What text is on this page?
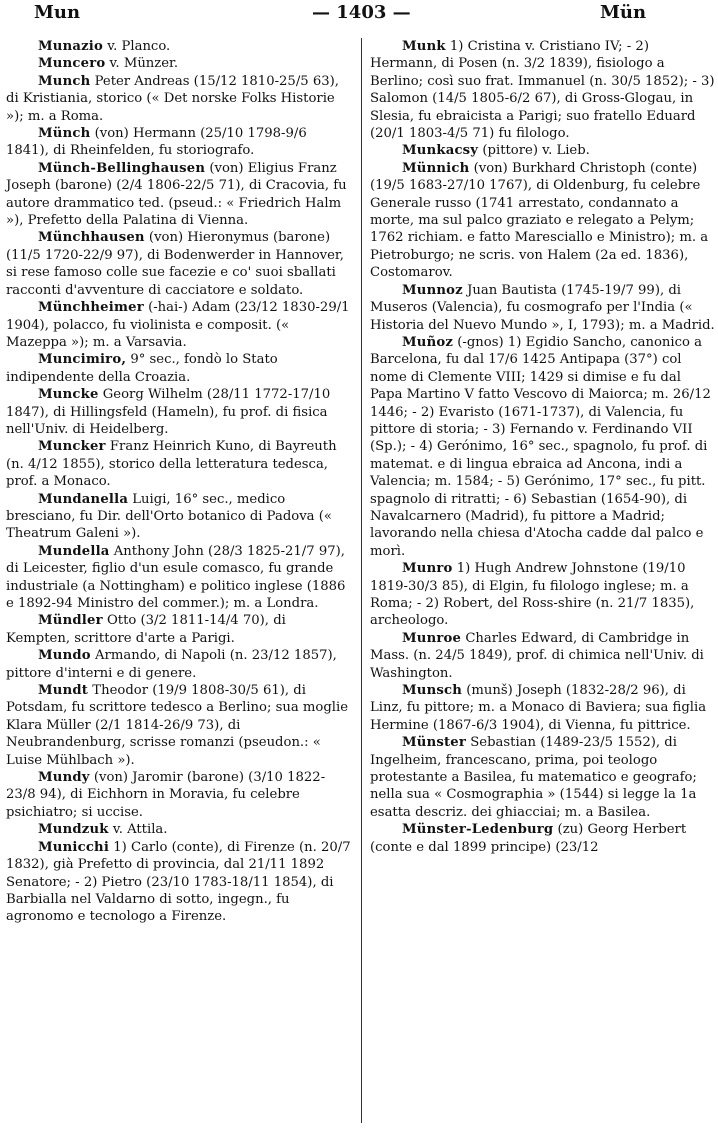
Mun	— 1403 —	Mün

Munazio v. Planco.

Muncero v. Münzer.

Munch Peter Andreas (15/12 1810-25/5 63), di Kristiania, storico (« Det norske Folks Historie »); m. a Roma.

Münch (von) Hermann (25/10 1798-9/6 1841), di Rheinfelden, fu storiografo.

Münch-Bellinghausen (von) Eligius Franz Joseph (barone) (2/4 1806-22/5 71), di Cracovia, fu autore drammatico ted. (pseud.: « Friedrich Halm »), Prefetto della Palatina di Vienna.

Münchhausen (von) Hieronymus (barone) (11/5 1720-22/9 97), di Bodenwerder in Hannover, si rese famoso colle sue facezie e co' suoi sballati racconti d'avventure di cacciatore e soldato.

Münchheimer (-hai-) Adam (23/12 1830-29/1 1904), polacco, fu violinista e composit. (« Mazeppa »); m. a Varsavia.

Muncimiro, 9° sec., fondò lo Stato indipendente della Croazia.

Muncke Georg Wilhelm (28/11 1772-17/10 1847), di Hillingsfeld (Hameln), fu prof. di fisica nell'Univ. di Heidelberg.

Muncker Franz Heinrich Kuno, di Bayreuth (n. 4/12 1855), storico della letteratura tedesca, prof. a Monaco.

Mundanella Luigi, 16° sec., medico bresciano, fu Dir. dell'Orto botanico di Padova (« Theatrum Galeni »).

Mundella Anthony John (28/3 1825-21/7 97), di Leicester, figlio d'un esule comasco, fu grande industriale (a Nottingham) e politico inglese (1886 e 1892-94 Ministro del commer.); m. a Londra.

Mündler Otto (3/2 1811-14/4 70), di Kempten, scrittore d'arte a Parigi.

Mundo Armando, di Napoli (n. 23/12 1857), pittore d'interni e di genere.

Mundt Theodor (19/9 1808-30/5 61), di Potsdam, fu scrittore tedesco a Berlino; sua moglie Klara Müller (2/1 1814-26/9 73), di Neubrandenburg, scrisse romanzi (pseudon.: « Luise Mühlbach »).

Mundy (von) Jaromir (barone) (3/10 1822-23/8 94), di Eichhorn in Moravia, fu celebre psichiatro; si uccise.

Mundzuk v. Attila.

Municchi 1) Carlo (conte), di Firenze (n. 20/7 1832), già Prefetto di provincia, dal 21/11 1892 Senatore; - 2) Pietro (23/10 1783-18/11 1854), di Barbialla nel Valdarno di sotto, ingegn., fu agronomo e tecnologo a Firenze.

Munk 1) Cristina v. Cristiano IV; - 2) Hermann, di Posen (n. 3/2 1839), fisiologo a Berlino; così suo frat. Immanuel (n. 30/5 1852); - 3) Salomon (14/5 1805-6/2 67), di Gross-Glogau, in Slesia, fu ebraicista a Parigi; suo fratello Eduard (20/1 1803-4/5 71) fu filologo.

Munkacsy (pittore) v. Lieb.

Münnich (von) Burkhard Christoph (conte) (19/5 1683-27/10 1767), di Oldenburg, fu celebre Generale russo (1741 arrestato, condannato a morte, ma sul palco graziato e relegato a Pelym; 1762 richiam. e fatto Maresciallo e Ministro); m. a Pietroburgo; ne scris. von Halem (2a ed. 1836), Costomarov.

Munnoz Juan Bautista (1745-19/7 99), di Museros (Valencia), fu cosmografo per l'India (« Historia del Nuevo Mundo », I, 1793); m. a Madrid.

Muñoz (-gnos) 1) Egidio Sancho, canonico a Barcelona, fu dal 17/6 1425 Antipapa (37°) col nome di Clemente VIII; 1429 si dimise e fu dal Papa Martino V fatto Vescovo di Maiorca; m. 26/12 1446; - 2) Evaristo (1671-1737), di Valencia, fu pittore di storia; - 3) Fernando v. Ferdinando VII (Sp.); - 4) Gerónimo, 16° sec., spagnolo, fu prof. di matemat. e di lingua ebraica ad Ancona, indi a Valencia; m. 1584; - 5) Gerónimo, 17° sec., fu pitt. spagnolo di ritratti; - 6) Sebastian (1654-90), di Navalcarnero (Madrid), fu pittore a Madrid; lavorando nella chiesa d'Atocha cadde dal palco e morì.

Munro 1) Hugh Andrew Johnstone (19/10 1819-30/3 85), di Elgin, fu filologo inglese; m. a Roma; - 2) Robert, del Ross-shire (n. 21/7 1835), archeologo.

Munroe Charles Edward, di Cambridge in Mass. (n. 24/5 1849), prof. di chimica nell'Univ. di Washington.

Munsch (munš) Joseph (1832-28/2 96), di Linz, fu pittore; m. a Monaco di Baviera; sua figlia Hermine (1867-6/3 1904), di Vienna, fu pittrice.

Münster Sebastian (1489-23/5 1552), di Ingelheim, francescano, prima, poi teologo protestante a Basilea, fu matematico e geografo; nella sua « Cosmographia » (1544) si legge la 1a esatta descriz. dei ghiacciai; m. a Basilea.

Münster-Ledenburg (zu) Georg Herbert (conte e dal 1899 principe) (23/12
